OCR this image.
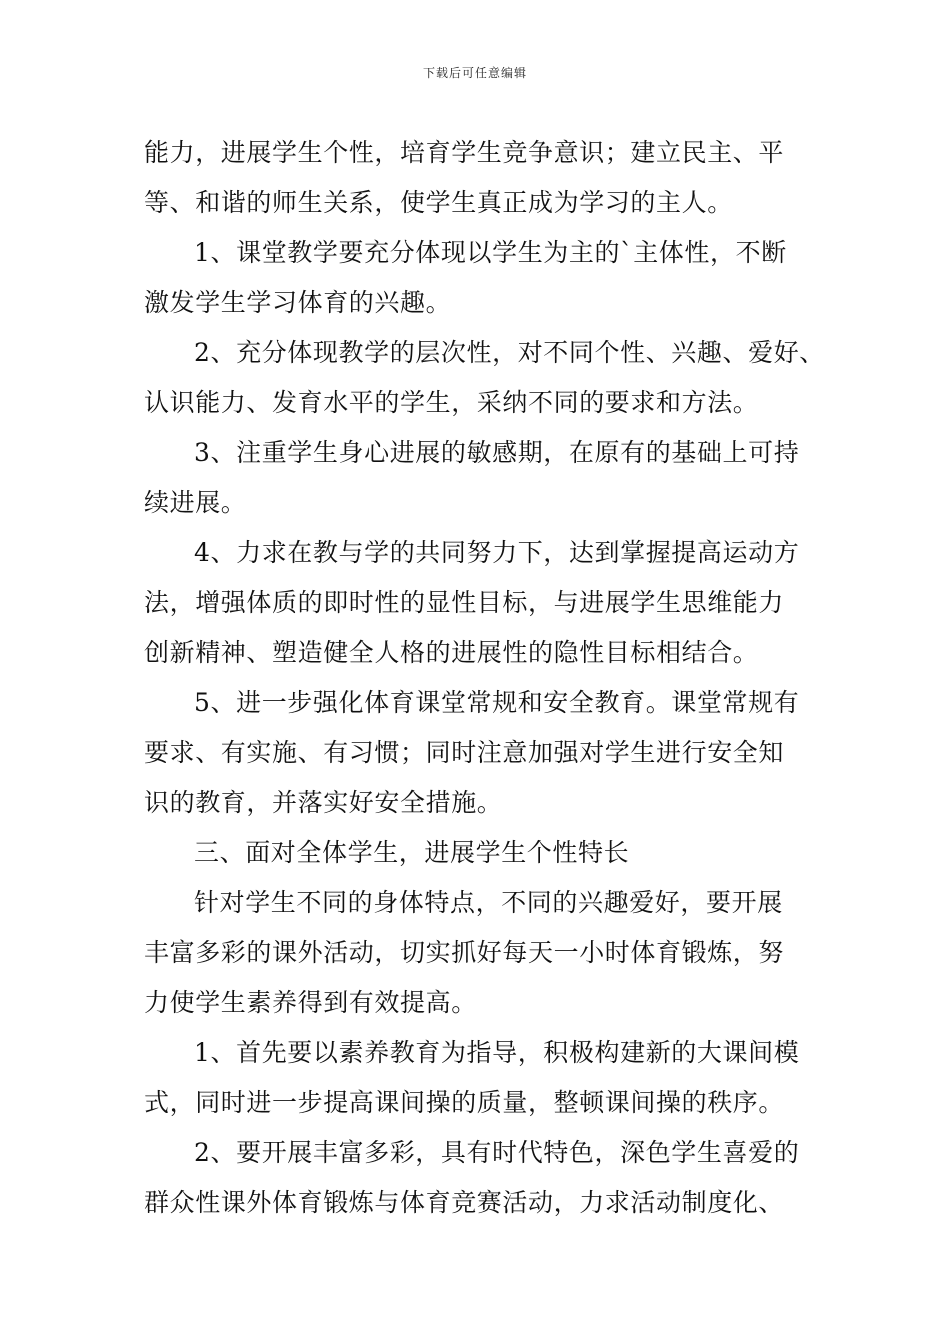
下载后可任意编辑
能力，进展学生个性，培育学生竞争意识；建立民主、平
等、和谐的师生关系，使学生真正成为学习的主人。
1、课堂教学要充分体现以学生为主的`主体性，不断
激发学生学习体育的兴趣。
2、充分体现教学的层次性，对不同个性、兴趣、爱好、
认识能力、发育水平的学生，采纳不同的要求和方法。
3、注重学生身心进展的敏感期，在原有的基础上可持
续进展。
4、力求在教与学的共同努力下，达到掌握提高运动方
法，增强体质的即时性的显性目标，与进展学生思维能力
创新精神、塑造健全人格的进展性的隐性目标相结合。
5、进一步强化体育课堂常规和安全教育。课堂常规有
要求、有实施、有习惯；同时注意加强对学生进行安全知
识的教育，并落实好安全措施。
三、面对全体学生，进展学生个性特长
针对学生不同的身体特点，不同的兴趣爱好，要开展
丰富多彩的课外活动，切实抓好每天一小时体育锻炼，努
力使学生素养得到有效提高。
1、首先要以素养教育为指导，积极构建新的大课间模
式，同时进一步提高课间操的质量，整顿课间操的秩序。
2、要开展丰富多彩，具有时代特色，深色学生喜爱的
群众性课外体育锻炼与体育竞赛活动，力求活动制度化、
